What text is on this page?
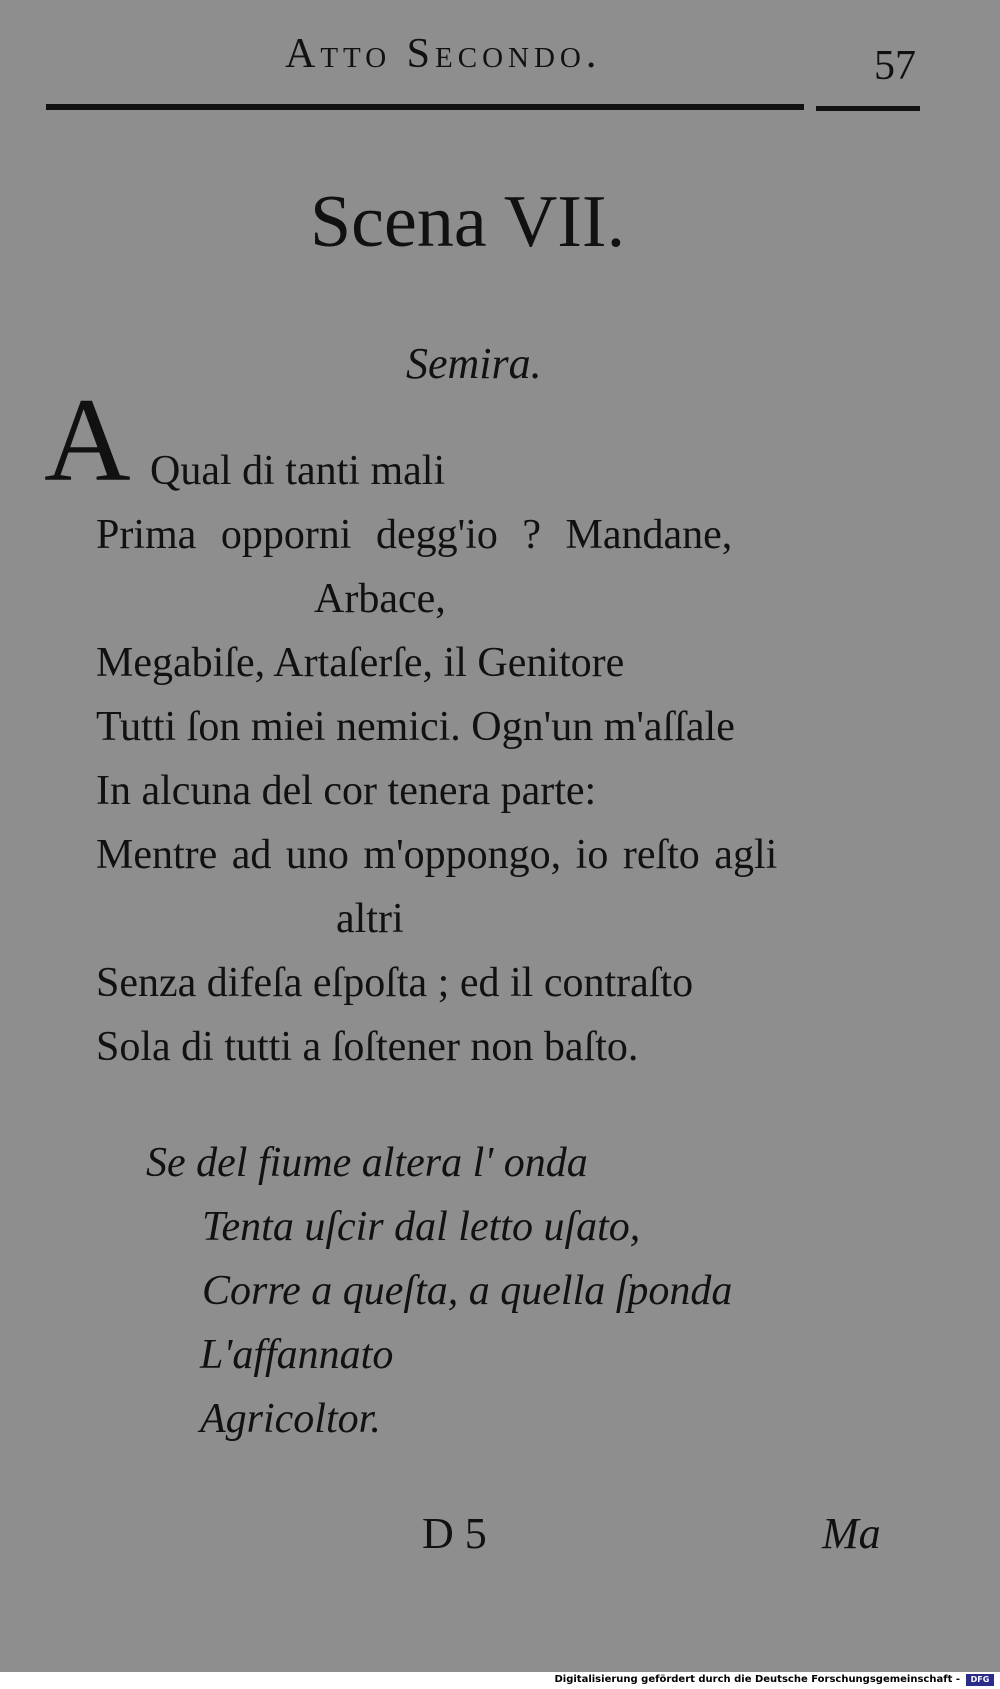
Atto Secondo.	57
Scena VII.
Semira.
A Qual di tanti mali
Prima opporni degg'io ? Mandane,
Arbace,
Megabiſe, Artaſerſe, il Genitore
Tutti ſon miei nemici. Ogn'un m'aſſale
In alcuna del cor tenera parte:
Mentre ad uno m'oppongo, io reſto agli
altri
Senza difeſa eſpoſta ; ed il contraſto
Sola di tutti a ſoſtener non baſto.
Se del fiume altera l' onda
Tenta uſcir dal letto uſato,
Corre a queſta, a quella ſponda
L'affannato
Agricoltor.
D 5	Ma
Digitalisierung gefördert durch die Deutsche Forschungsgemeinschaft -	DFG
